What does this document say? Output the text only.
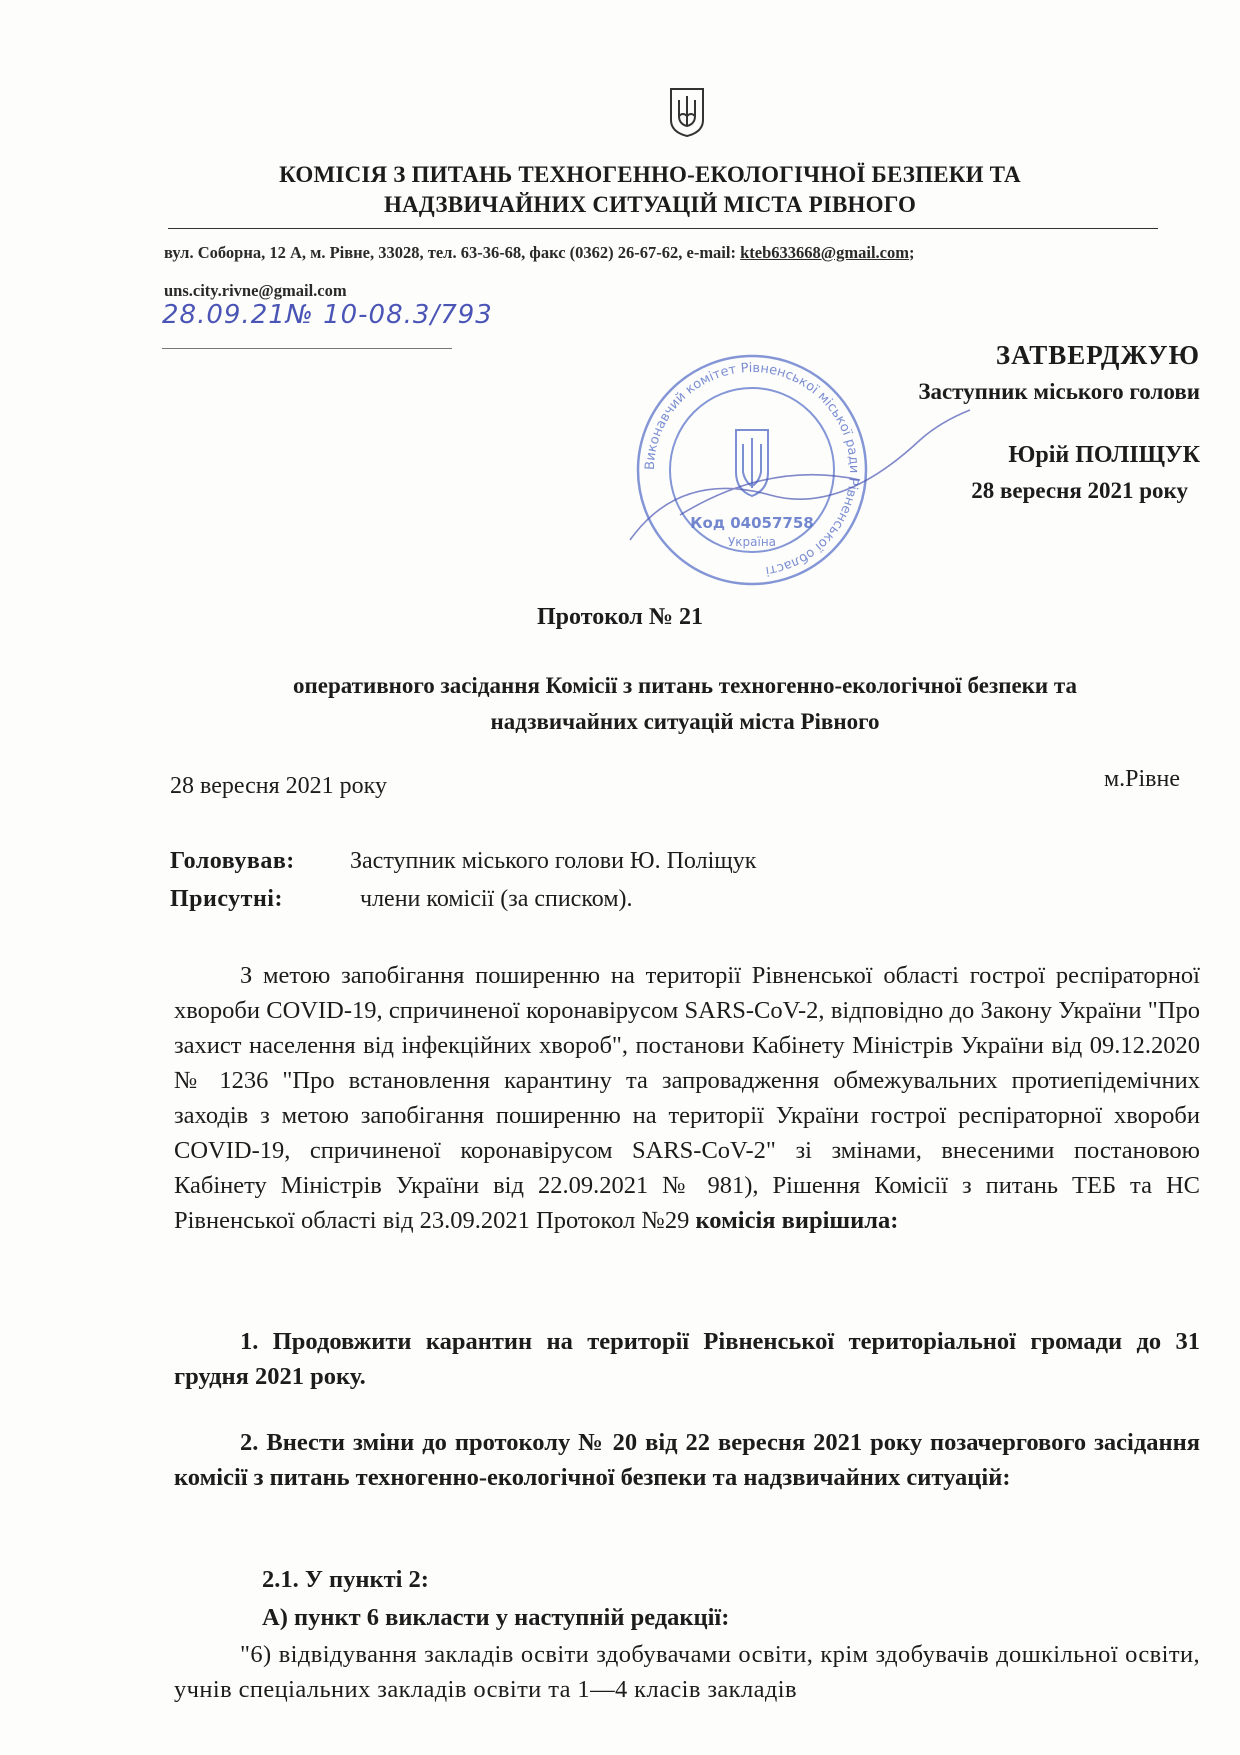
КОМІСІЯ З ПИТАНЬ ТЕХНОГЕННО-ЕКОЛОГІЧНОЇ БЕЗПЕКИ ТА
НАДЗВИЧАЙНИХ СИТУАЦІЙ МІСТА РІВНОГО
вул. Соборна, 12 А, м. Рівне, 33028, тел. 63-36-68, факс (0362) 26-67-62, e-mail: kteb633668@gmail.com;
uns.city.rivne@gmail.com
28.09.21№ 10-08.3/793
Виконавчий комітет Рівненської міської ради Рівненської області
Код 04057758
Україна
ЗАТВЕРДЖУЮ
Заступник міського голови
Юрій ПОЛІЩУК
28 вересня 2021 року
Протокол № 21
оперативного засідання Комісії з питань техногенно-екологічної безпеки та
надзвичайних ситуацій міста Рівного
28 вересня 2021 року	м.Рівне
Головував: Заступник міського голови Ю. Поліщук
Присутні:	члени комісії (за списком).
З метою запобігання поширенню на території Рівненської області гострої респіраторної хвороби COVID-19, спричиненої коронавірусом SARS-CoV-2, відповідно до Закону України "Про захист населення від інфекційних хвороб", постанови Кабінету Міністрів України від 09.12.2020 № 1236 "Про встановлення карантину та запровадження обмежувальних протиепідемічних заходів з метою запобігання поширенню на території України гострої респіраторної хвороби COVID-19, спричиненої коронавірусом SARS-CoV-2" зі змінами, внесеними постановою Кабінету Міністрів України від 22.09.2021 № 981), Рішення Комісії з питань ТЕБ та НС Рівненської області від 23.09.2021 Протокол №29 комісія вирішила:
1. Продовжити карантин на території Рівненської територіальної громади до 31 грудня 2021 року.
2. Внести зміни до протоколу № 20 від 22 вересня 2021 року позачергового засідання комісії з питань техногенно-екологічної безпеки та надзвичайних ситуацій:
2.1. У пункті 2:
А) пункт 6 викласти у наступній редакції:
"6) відвідування закладів освіти здобувачами освіти, крім здобувачів дошкільної освіти, учнів спеціальних закладів освіти та 1—4 класів закладів
